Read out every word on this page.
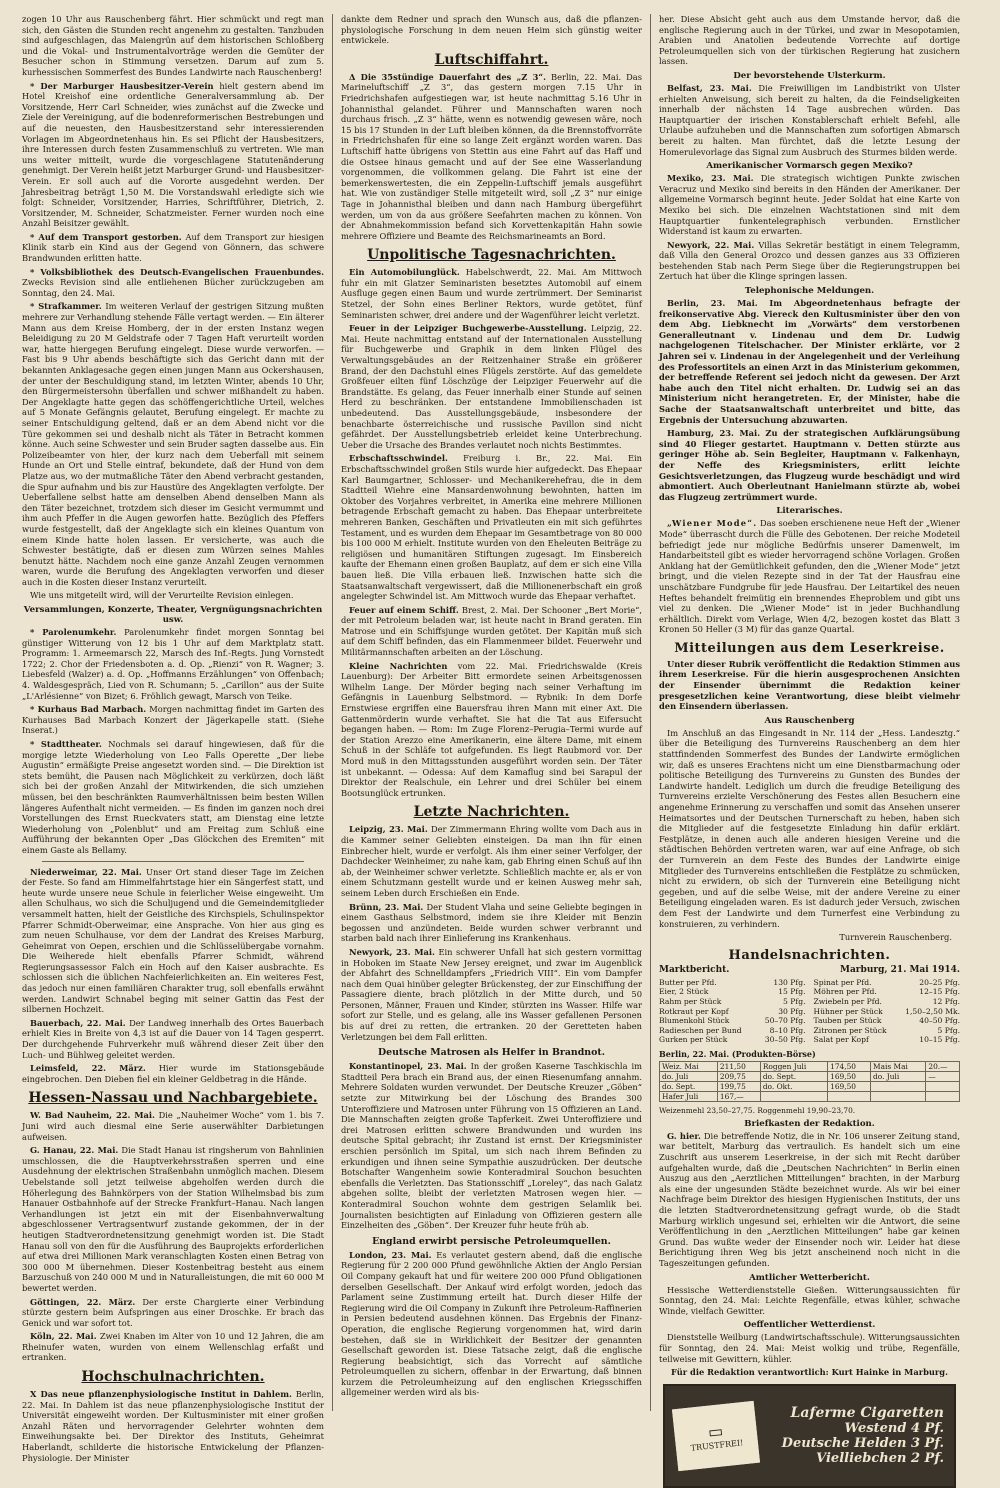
zogen 10 Uhr aus Rauschenberg fährt. Hier schmückt und regt man sich, den Gästen die Stunden recht angenehm zu gestalten. Tanzbuden sind aufgeschlagen, das Maiengrün auf dem historischen Schloßberg und die Vokal- und Instrumentalvorträge werden die Gemüter der Besucher schon in Stimmung versetzen. Darum auf zum 5. kurhessischen Sommerfest des Bundes Landwirte nach Rauschenberg!

* Der Marburger Hausbesitzer-Verein hielt gestern abend im Hotel Kreishof eine ordentliche Generalversammlung ab. Der Vorsitzende, Herr Carl Schneider, wies zunächst auf die Zwecke und Ziele der Vereinigung, auf die bodenreformerischen Bestrebungen und auf die neuesten, den Hausbesitzerstand sehr interessierenden Vorlagen im Abgeordnetenhaus hin. Es sei Pflicht der Hausbesitzers, ihre Interessen durch festen Zusammenschluß zu vertreten. Wie man uns weiter mitteilt, wurde die vorgeschlagene Statutenänderung genehmigt. Der Verein heißt jetzt Marburger Grund- und Hausbesitzer-Verein. Er soll auch auf die Vororte ausgedehnt werden. Der Jahresbeitrag beträgt 1,50 M. Die Vorstandswahl erledigte sich wie folgt: Schneider, Vorsitzender, Harries, Schriftführer, Dietrich, 2. Vorsitzender, M. Schneider, Schatzmeister. Ferner wurden noch eine Anzahl Beisitzer gewählt.

* Auf dem Transport gestorben. Auf dem Transport zur hiesigen Klinik starb ein Kind aus der Gegend von Gönnern, das schwere Brandwunden erlitten hatte.

* Volksbibliothek des Deutsch-Evangelischen Frauenbundes. Zwecks Revision sind alle entliehenen Bücher zurückzugeben am Sonntag, den 24. Mai.

* Strafkammer. Im weiteren Verlauf der gestrigen Sitzung mußten mehrere zur Verhandlung stehende Fälle vertagt werden. — Ein älterer Mann aus dem Kreise Homberg, der in der ersten Instanz wegen Beleidigung zu 20 M Geldstrafe oder 7 Tagen Haft verurteilt worden war, hatte hiergegen Berufung eingelegt. Diese wurde verworfen. — Fast bis 9 Uhr abends beschäftigte sich das Gericht dann mit der bekannten Anklagesache gegen einen jungen Mann aus Ockershausen, der unter der Beschuldigung stand, im letzten Winter, abends 10 Uhr, den Bürgermeistersohn überfallen und schwer mißhandelt zu haben. Der Angeklagte hatte gegen das schöffengerichtliche Urteil, welches auf 5 Monate Gefängnis gelautet, Berufung eingelegt. Er machte zu seiner Entschuldigung geltend, daß er an dem Abend nicht vor die Türe gekommen sei und deshalb nicht als Täter in Betracht kommen könne. Auch seine Schwester und sein Bruder sagten dasselbe aus. Ein Polizeibeamter von hier, der kurz nach dem Ueberfall mit seinem Hunde an Ort und Stelle eintraf, bekundete, daß der Hund von dem Platze aus, wo der mutmaßliche Täter den Abend verbracht gestanden, die Spur aufnahm und bis zur Haustüre des Angeklagten verfolgte. Der Ueberfallene selbst hatte am denselben Abend denselben Mann als den Täter bezeichnet, trotzdem sich dieser im Gesicht vermummt und ihm auch Pfeffer in die Augen geworfen hatte. Bezüglich des Pfeffers wurde festgestellt, daß der Angeklagte sich ein kleines Quantum von einem Kinde hatte holen lassen. Er versicherte, was auch die Schwester bestätigte, daß er diesen zum Würzen seines Mahles benutzt hätte. Nachdem noch eine ganze Anzahl Zeugen vernommen waren, wurde die Berufung des Angeklagten verworfen und dieser auch in die Kosten dieser Instanz verurteilt.

Wie uns mitgeteilt wird, will der Verurteilte Revision einlegen.

Versammlungen, Konzerte, Theater, Vergnügungsnachrichten usw.

* Parolenumkehr. Parolenumkehr findet morgen Sonntag bei günstiger Witterung von 12 bis 1 Uhr auf dem Marktplatz statt. Programm: 1. Armeemarsch 22, Marsch des Inf.-Regts. Jung Vornstedt 1722; 2. Chor der Friedensboten a. d. Op. „Rienzi“ von R. Wagner; 3. Liebesfeld (Walzer) a. d. Op. „Hoffmanns Erzählungen“ von Offenbach; 4. Waldesgespräch, Lied von R. Schumann; 5. „Carillon“ aus der Suite „L'Arlésienne“ von Bizet; 6. Fröhlich gewagt, Marsch von Teike.

* Kurhaus Bad Marbach. Morgen nachmittag findet im Garten des Kurhauses Bad Marbach Konzert der Jägerkapelle statt. (Siehe Inserat.)

* Stadttheater. Nochmals sei darauf hingewiesen, daß für die morgige letzte Wiederholung von Leo Falls Operette „Der liebe Augustin“ ermäßigte Preise angesetzt worden sind. — Die Direktion ist stets bemüht, die Pausen nach Möglichkeit zu verkürzen, doch läßt sich bei der großen Anzahl der Mitwirkenden, die sich umziehen müssen, bei den beschränkten Raumverhältnissen beim besten Willen längeres Aufenthalt nicht vermeiden. — Es finden im ganzen noch drei Vorstellungen des Ernst Rueckvaters statt, am Dienstag eine letzte Wiederholung von „Polenblut“ und am Freitag zum Schluß eine Aufführung der bekannten Oper „Das Glöckchen des Eremiten“ mit einem Gaste als Bellamy.

Niederweimar, 22. Mai. Unser Ort stand dieser Tage im Zeichen der Feste. So fand am Himmelfahrtstage hier ein Sängerfest statt, und heute wurde unsere neue Schule in feierlicher Weise eingeweiht. Um allen Schulhaus, wo sich die Schuljugend und die Gemeindemitglieder versammelt hatten, hielt der Geistliche des Kirchspiels, Schulinspektor Pfarrer Schmidt-Oberweimar, eine Ansprache. Von hier aus ging es zum neuen Schulhause, vor dem der Landrat des Kreises Marburg, Geheimrat von Oepen, erschien und die Schlüsselübergabe vornahm. Die Weiherede hielt ebenfalls Pfarrer Schmidt, während Regierungsassessor Falch ein Hoch auf den Kaiser ausbrachte. Es schlossen sich die üblichen Nachfeierlichkeiten an. Ein weiteres Fest, das jedoch nur einen familiären Charakter trug, soll ebenfalls erwähnt werden. Landwirt Schnabel beging mit seiner Gattin das Fest der silbernen Hochzeit.

Bauerbach, 22. Mai. Der Landweg innerhalb des Ortes Bauerbach erhielt Kies in Breite von 4,3 ist auf die Dauer von 14 Tagen gesperrt. Der durchgehende Fuhrverkehr muß während dieser Zeit über den Luch- und Bühlweg geleitet werden.

Leimsfeld, 22. März. Hier wurde im Stationsgebäude eingebrochen. Den Dieben fiel ein kleiner Geldbetrag in die Hände.

Hessen-Nassau und Nachbargebiete.

W. Bad Nauheim, 22. Mai. Die „Nauheimer Woche“ vom 1. bis 7. Juni wird auch diesmal eine Serie auserwählter Darbietungen aufweisen.

G. Hanau, 22. Mai. Die Stadt Hanau ist ringsherum von Bahnlinien umschlossen, die die Hauptverkehrsstraßen sperren und eine Ausdehnung der elektrischen Straßenbahn unmöglich machen. Diesem Uebelstande soll jetzt teilweise abgeholfen werden durch die Höherlegung des Bahnkörpers von der Station Wilhelmsbad bis zum Hanauer Ostbahnhofe auf der Strecke Frankfurt–Hanau. Nach langen Verhandlungen ist jetzt ein mit der Eisenbahnverwaltung abgeschlossener Vertragsentwurf zustande gekommen, der in der heutigen Stadtverordnetensitzung genehmigt worden ist. Die Stadt Hanau soll von den für die Ausführung des Bauprojekts erforderlichen auf etwa drei Millionen Mark veranschlagten Kosten einen Betrag von 300 000 M übernehmen. Dieser Kostenbeitrag besteht aus einem Barzuschuß von 240 000 M und in Naturalleistungen, die mit 60 000 M bewertet werden.

Göttingen, 22. März. Der erste Chargierte einer Verbindung stürzte gestern beim Aufspringen aus einer Droschke. Er brach das Genick und war sofort tot.

Köln, 22. Mai. Zwei Knaben im Alter von 10 und 12 Jahren, die am Rheinufer waten, wurden von einem Wellenschlag erfaßt und ertranken.

Hochschulnachrichten.

X Das neue pflanzenphysiologische Institut in Dahlem. Berlin, 22. Mai. In Dahlem ist das neue pflanzenphysiologische Institut der Universität eingeweiht worden. Der Kultusminister mit einer großen Anzahl Räten und hervorragender Gelehrter wohnten dem Einweihungsakte bei. Der Direktor des Instituts, Geheimrat Haberlandt, schilderte die historische Entwickelung der Pflanzen-Physiologie. Der Minister

dankte dem Redner und sprach den Wunsch aus, daß die pflanzen-physiologische Forschung in dem neuen Heim sich günstig weiter entwickele.

Luftschiffahrt.

Δ Die 35stündige Dauerfahrt des „Z 3“. Berlin, 22. Mai. Das Marineluftschiff „Z 3“, das gestern morgen 7.15 Uhr in Friedrichshafen aufgestiegen war, ist heute nachmittag 5.16 Uhr in Johannisthal gelandet. Führer und Mannschaften waren noch durchaus frisch. „Z 3“ hätte, wenn es notwendig gewesen wäre, noch 15 bis 17 Stunden in der Luft bleiben können, da die Brennstoffvorräte in Friedrichshafen für eine so lange Zeit ergänzt worden waren. Das Luftschiff hatte übrigens von Stettin aus eine Fahrt auf das Haff und die Ostsee hinaus gemacht und auf der See eine Wasserlandung vorgenommen, die vollkommen gelang. Die Fahrt ist eine der bemerkenswertesten, die ein Zeppelin-Luftschiff jemals ausgeführt hat. Wie von zuständiger Stelle mitgeteilt wird, soll „Z 3“ nur einige Tage in Johannisthal bleiben und dann nach Hamburg übergeführt werden, um von da aus größere Seefahrten machen zu können. Von der Abnahmekommission befand sich Korvettenkapitän Hahn sowie mehrere Offiziere und Beamte des Reichsmarineamts an Bord.

Unpolitische Tagesnachrichten.

Ein Automobilunglück. Habelschwerdt, 22. Mai. Am Mittwoch fuhr ein mit Glatzer Seminaristen besetztes Automobil auf einem Ausfluge gegen einen Baum und wurde zertrümmert. Der Seminarist Stetzel, der Sohn eines Berliner Rektors, wurde getötet, fünf Seminaristen schwer, drei andere und der Wagenführer leicht verletzt.

Feuer in der Leipziger Buchgewerbe-Ausstellung. Leipzig, 22. Mai. Heute nachmittag entstand auf der Internationalen Ausstellung für Buchgewerbe und Graphik in dem linken Flügel des Verwaltungsgebäudes an der Reitzenhainer Straße ein größerer Brand, der den Dachstuhl eines Flügels zerstörte. Auf das gemeldete Großfeuer eilten fünf Löschzüge der Leipziger Feuerwehr auf die Brandstätte. Es gelang, das Feuer innerhalb einer Stunde auf seinen Herd zu beschränken. Der entstandene Immobilienschaden ist unbedeutend. Das Ausstellungsgebäude, insbesondere der benachbarte österreichische und russische Pavillon sind nicht gefährdet. Der Ausstellungsbetrieb erleidet keine Unterbrechung. Ueber die Ursache des Brandes verlautet noch nichts Bestimmtes.

Erbschaftsschwindel. Freiburg i. Br., 22. Mai. Ein Erbschaftsschwindel großen Stils wurde hier aufgedeckt. Das Ehepaar Karl Baumgartner, Schlosser- und Mechanikerehefrau, die in dem Stadtteil Wiehre eine Mansardenwohnung bewohnten, hatten im Oktober des Vorjahres verbreitet, in Amerika eine mehrere Millionen betragende Erbschaft gemacht zu haben. Das Ehepaar unterbreitete mehreren Banken, Geschäften und Privatleuten ein mit sich geführtes Testament, und es wurden dem Ehepaar im Gesamtbetrage von 80 000 bis 100 000 M erhielt. Institute wurden von den Eheleuten Beiträge zu religiösen und humanitären Stiftungen zugesagt. Im Einsbereich kaufte der Ehemann einen großen Bauplatz, auf dem er sich eine Villa bauen ließ. Die Villa erbauen ließ. Inzwischen hatte sich die Staatsanwaltschaft vergewissert, daß die Millionenerbschaft ein groß angelegter Schwindel ist. Am Mittwoch wurde das Ehepaar verhaftet.

Feuer auf einem Schiff. Brest, 2. Mai. Der Schooner „Bert Morie“, der mit Petroleum beladen war, ist heute nacht in Brand geraten. Ein Matrose und ein Schiffsjunge wurden getötet. Der Kapitän muß sich auf dem Schiff befinden, das ein Flammenmeer bildet. Feuerwehr und Militärmannschaften arbeiten an der Löschung.

Kleine Nachrichten vom 22. Mai. Friedrichswalde (Kreis Lauenburg): Der Arbeiter Bitt ermordete seinen Arbeitsgenossen Wilhelm Lange. Der Mörder beging nach seiner Verhaftung im Gefängnis in Lauenburg Selbstmord. — Rybnik: In dem Dorfe Ernstwiese ergriffen eine Bauersfrau ihren Mann mit einer Axt. Die Gattenmörderin wurde verhaftet. Sie hat die Tat aus Eifersucht begangen haben. — Rom: Im Zuge Florenz–Perugia–Termi wurde auf der Station Arezzo eine Amerikanerin, eine ältere Dame, mit einem Schuß in der Schläfe tot aufgefunden. Es liegt Raubmord vor. Der Mord muß in den Mittagsstunden ausgeführt worden sein. Der Täter ist unbekannt. — Odessa: Auf dem Kamaflug sind bei Sarapul der Direktor der Realschule, ein Lehrer und drei Schüler bei einem Bootsunglück ertrunken.

Letzte Nachrichten.

Leipzig, 23. Mai. Der Zimmermann Ehring wollte vom Dach aus in die Kammer seiner Geliebten einsteigen. Da man ihn für einen Einbrecher hielt, wurde er verfolgt. Als ihm einer seiner Verfolger, der Dachdecker Weinheimer, zu nahe kam, gab Ehring einen Schuß auf ihn ab, der Weinheimer schwer verletzte. Schließlich machte er, als er von einem Schutzmann gestellt wurde und er keinen Ausweg mehr sah, seinem Leben durch Erschießen ein Ende.

Brünn, 23. Mai. Der Student Vlaha und seine Geliebte begingen in einem Gasthaus Selbstmord, indem sie ihre Kleider mit Benzin begossen und anzündeten. Beide wurden schwer verbrannt und starben bald nach ihrer Einlieferung ins Krankenhaus.

Newyork, 23. Mai. Ein schwerer Unfall hat sich gestern vormittag in Hoboken im Staate New Jersey ereignet, und zwar im Augenblick der Abfahrt des Schnelldampfers „Friedrich VIII“. Ein vom Dampfer nach dem Quai hinüber gelegter Brückensteg, der zur Einschiffung der Passagiere diente, brach plötzlich in der Mitte durch, und 50 Personen, Männer, Frauen und Kinder, stürzten ins Wasser. Hilfe war sofort zur Stelle, und es gelang, alle ins Wasser gefallenen Personen bis auf drei zu retten, die ertranken. 20 der Geretteten haben Verletzungen bei dem Fall erlitten.

Deutsche Matrosen als Helfer in Brandnot.

Konstantinopel, 23. Mai. In der großen Kaserne Taschkischla im Stadtteil Pera brach ein Brand aus, der einen Riesenumfang annahm. Mehrere Soldaten wurden verwundet. Der Deutsche Kreuzer „Göben“ setzte zur Mitwirkung bei der Löschung des Brandes 300 Unteroffiziere und Matrosen unter Führung von 15 Offizieren an Land. Die Mannschaften zeigten große Tapferkeit. Zwei Unteroffiziere und drei Matrosen erlitten schwere Brandwunden und wurden ins deutsche Spital gebracht; ihr Zustand ist ernst. Der Kriegsminister erschien persönlich im Spital, um sich nach ihrem Befinden zu erkundigen und ihnen seine Sympathie auszudrücken. Der deutsche Botschafter Wangenheim sowie Konteradmiral Souchon besuchten ebenfalls die Verletzten. Das Stationsschiff „Loreley“, das nach Galatz abgehen sollte, bleibt der verletzten Matrosen wegen hier. — Konteradmiral Souchon wohnte dem gestrigen Selamlik bei. Journalisten besichtigten auf Einladung von Offizieren gestern alle Einzelheiten des „Göben“. Der Kreuzer fuhr heute früh ab.

England erwirbt persische Petroleumquellen.

London, 23. Mai. Es verlautet gestern abend, daß die englische Regierung für 2 200 000 Pfund gewöhnliche Aktien der Anglo Persian Oil Company gekauft hat und für weitere 200 000 Pfund Obligationen derselben Gesellschaft. Der Ankauf wird erfolgt worden, jedoch das Parlament seine Zustimmung erteilt hat. Durch dieser Hilfe der Regierung wird die Oil Company in Zukunft ihre Petroleum-Raffinerien in Persien bedeutend ausdehnen können. Das Ergebnis der Finanz-Operation, die englische Regierung vorgenommen hat, wird darin bestehen, daß sie in Wirklichkeit der Besitzer der genannten Gesellschaft geworden ist. Diese Tatsache zeigt, daß die englische Regierung beabsichtigt, sich das Vorrecht auf sämtliche Petroleumquellen zu sichern, offenbar in der Erwartung, daß binnen kurzem die Petroleumheizung auf den englischen Kriegsschiffen allgemeiner werden wird als bis-

her. Diese Absicht geht auch aus dem Umstande hervor, daß die englische Regierung auch in der Türkei, und zwar in Mesopotamien, Arabien und Anatolien bedeutende Vorrechte auf dortige Petroleumquellen sich von der türkischen Regierung hat zusichern lassen.

Der bevorstehende Ulsterkurm.

Belfast, 23. Mai. Die Freiwilligen im Landbistrikt von Ulster erhielten Anweisung, sich bereit zu halten, da die Feindseligkeiten innerhalb der nächsten 14 Tage ausbrechen würden. Das Hauptquartier der irischen Konstablerschaft erhielt Befehl, alle Urlaube aufzuheben und die Mannschaften zum sofortigen Abmarsch bereit zu halten. Man fürchtet, daß die letzte Lesung der Homerulevorlage das Signal zum Ausbruch des Sturmes bilden werde.

Amerikanischer Vormarsch gegen Mexiko?

Mexiko, 23. Mai. Die strategisch wichtigen Punkte zwischen Veracruz und Mexiko sind bereits in den Händen der Amerikaner. Der allgemeine Vormarsch beginnt heute. Jeder Soldat hat eine Karte von Mexiko bei sich. Die einzelnen Wachtstationen sind mit dem Hauptquartier funkentelegraphisch verbunden. Ernstlicher Widerstand ist kaum zu erwarten.

Newyork, 22. Mai. Villas Sekretär bestätigt in einem Telegramm, daß Villa den General Orozco und dessen ganzes aus 33 Offizieren bestehenden Stab nach Perm Siege über die Regierungstruppen bei Zertuch hat über die Klinge springen lassen.

Telephonische Meldungen.

Berlin, 23. Mai. Im Abgeordnetenhaus befragte der freikonservative Abg. Viereck den Kultusminister über den von dem Abg. Liebknecht im „Vorwärts“ dem verstorbenen Generalleutnant v. Lindenau und dem Dr. Ludwig nachgelogenen Titelschacher. Der Minister erklärte, vor 2 Jahren sei v. Lindenau in der Angelegenheit und der Verleihung des Professortitels an einen Arzt in das Ministerium gekommen, der betreffende Referent sei jedoch nicht da gewesen. Der Arzt habe auch den Titel nicht erhalten. Dr. Ludwig sei an das Ministerium nicht herangetreten. Er, der Minister, habe die Sache der Staatsanwaltschaft unterbreitet und bitte, das Ergebnis der Untersuchung abzuwarten.

Hamburg, 23. Mai. Zu der strategischen Aufklärungsübung sind 40 Flieger gestartet. Hauptmann v. Detten stürzte aus geringer Höhe ab. Sein Begleiter, Hauptmann v. Falkenhayn, der Neffe des Kriegsministers, erlitt leichte Gesichtsverletzungen, das Flugzeug wurde beschädigt und wird abmontiert. Auch Oberleutnant Hanielmann stürzte ab, wobei das Flugzeug zertrümmert wurde.

Literarisches.

„Wiener Mode“. Das soeben erschienene neue Heft der „Wiener Mode“ überrascht durch die Fülle des Gebotenen. Der reiche Modeteil befriedigt jede nur mögliche Bedürfnis unserer Damenwelt, im Handarbeitsteil gibt es wieder hervorragend schöne Vorlagen. Großen Anklang hat der Gemütlichkeit gefunden, den die „Wiener Mode“ jetzt bringt, und die vielen Rezepte sind in der Tat der Hausfrau eine unschätzbare Fundgrube für jede Hausfrau. Der Leitartikel des neuen Heftes behandelt freimütig ein brennendes Eheproblem und gibt uns viel zu denken. Die „Wiener Mode“ ist in jeder Buchhandlung erhältlich. Direkt vom Verlage, Wien 4/2, bezogen kostet das Blatt 3 Kronen 50 Heller (3 M) für das ganze Quartal.

Mitteilungen aus dem Leserkreise.

Unter dieser Rubrik veröffentlicht die Redaktion Stimmen aus ihrem Leserkreise. Für die hierin ausgesprochenen Ansichten der Einsender übernimmt die Redaktion keiner presgesetzlichen keine Verantwortung, diese bleibt vielmehr den Einsendern überlassen.

Aus Rauschenberg

Im Anschluß an das Eingesandt in Nr. 114 der „Hess. Landesztg.“ über die Beteiligung des Turnvereins Rauschenberg an dem hier stattfindenden Sommerfest des Bundes der Landwirte ermöglichen wir, daß es unseres Erachtens nicht um eine Dienstbarmachung oder politische Beteiligung des Turnvereins zu Gunsten des Bundes der Landwirte handelt. Lediglich um durch die freudige Beteiligung des Turnvereins erzielte Verschönerung des Festes allen Besuchern eine angenehme Erinnerung zu verschaffen und somit das Ansehen unserer Heimatsortes und der Deutschen Turnerschaft zu heben, haben sich die Mitglieder auf die festgesetzte Einladung hin dafür erklärt. Festplätze, in denen auch alle anderen hiesigen Vereine und die städtischen Behörden vertreten waren, war auf eine Anfrage, ob sich der Turnverein an dem Feste des Bundes der Landwirte einige Mitglieder des Turnvereins entschließen die Festplätze zu schmücken, nicht zu erwidern, ob sich der Turnverein eine Beteiligung nicht gegeben, und auf die selbe Weise, mit der andere Vereine zu einer Beteiligung eingeladen waren. Es ist dadurch jeder Versuch, zwischen dem Fest der Landwirte und dem Turnerfest eine Verbindung zu konstruieren, zu verhindern.

Turnverein Rauschenberg.
Handelsnachrichten.
Marktbericht.	Marburg, 21. Mai 1914.
Butter per Pfd.	130 Pfg.
Eier, 2 Stück	15 Pfg.
Rahm per Stück	5 Pfg.
Rotkraut per Kopf	30 Pfg.
Blumenkohl Stück	50–70 Pfg.
Radieschen per Bund	8–10 Pfg.
Gurken per Stück	30–50 Pfg.
Spinat per Pfd.	20–25 Pfg.
Möhren per Pfd.	12–15 Pfg.
Zwiebeln per Pfd.	12 Pfg.
Hühner per Stück	1,50–2,50 Mk.
Tauben per Stück	40–50 Pfg.
Zitronen per Stück	5 Pfg.
Salat per Kopf	10–15 Pfg.
Berlin, 22. Mai. (Produkten-Börse)
Weiz. Mai	211,50	Roggen Juli	174,50	Mais Mai	20.—
do. Juli	209,75	do. Sept.	169,50	do. Juli	—
do. Sept.	199,75	do. Okt.	169,50		
Hafer Juli	167,—				
Weizenmehl 23,50–27,75. Roggenmehl 19,90–23,70.
Briefkasten der Redaktion.

G. hier. Die betreffende Notiz, die in Nr. 106 unserer Zeitung stand, war betitelt, Marburg das vertraulich. Es handelt sich um eine Zuschrift aus unserem Leserkreise, in der sich mit Recht darüber aufgehalten wurde, daß die „Deutschen Nachrichten“ in Berlin einen Auszug aus den „Aerztlichen Mitteilungen“ brachten, in der Marburg als eine der ungesunden Städte bezeichnet wurde. Als wir bei einer Nachfrage beim Direktor des hiesigen Hygienischen Instituts, der uns die letzten Stadtverordnetensitzung gefragt wurde, ob die Stadt Marburg wirklich ungesund sei, erhielten wir die Antwort, die seine Veröffentlichung in den „Aerztlichen Mitteilungen“ habe gar keinen Grund. Das wußte weder der Einsender noch wir. Leider hat diese Berichtigung ihren Weg bis jetzt anscheinend noch nicht in die Tageszeitungen gefunden.

Amtlicher Wetterbericht.

Hessische Wetterdienststelle Gießen. Witterungsaussichten für Sonntag, den 24. Mai: Leichte Regenfälle, etwas kühler, schwache Winde, vielfach Gewitter.

Oeffentlicher Wetterdienst.

Dienststelle Weilburg (Landwirtschaftsschule). Witterungsaussichten für Sonntag, den 24. Mai: Meist wolkig und trübe, Regenfälle, teilweise mit Gewittern, kühler.

Für die Redaktion verantwortlich: Kurt Hainke in Marburg.

▭
TRUSTFREI!
Laferme Cigaretten
Westend 4 Pf.
Deutsche Helden 3 Pf.
Vielliebchen 2 Pf.
